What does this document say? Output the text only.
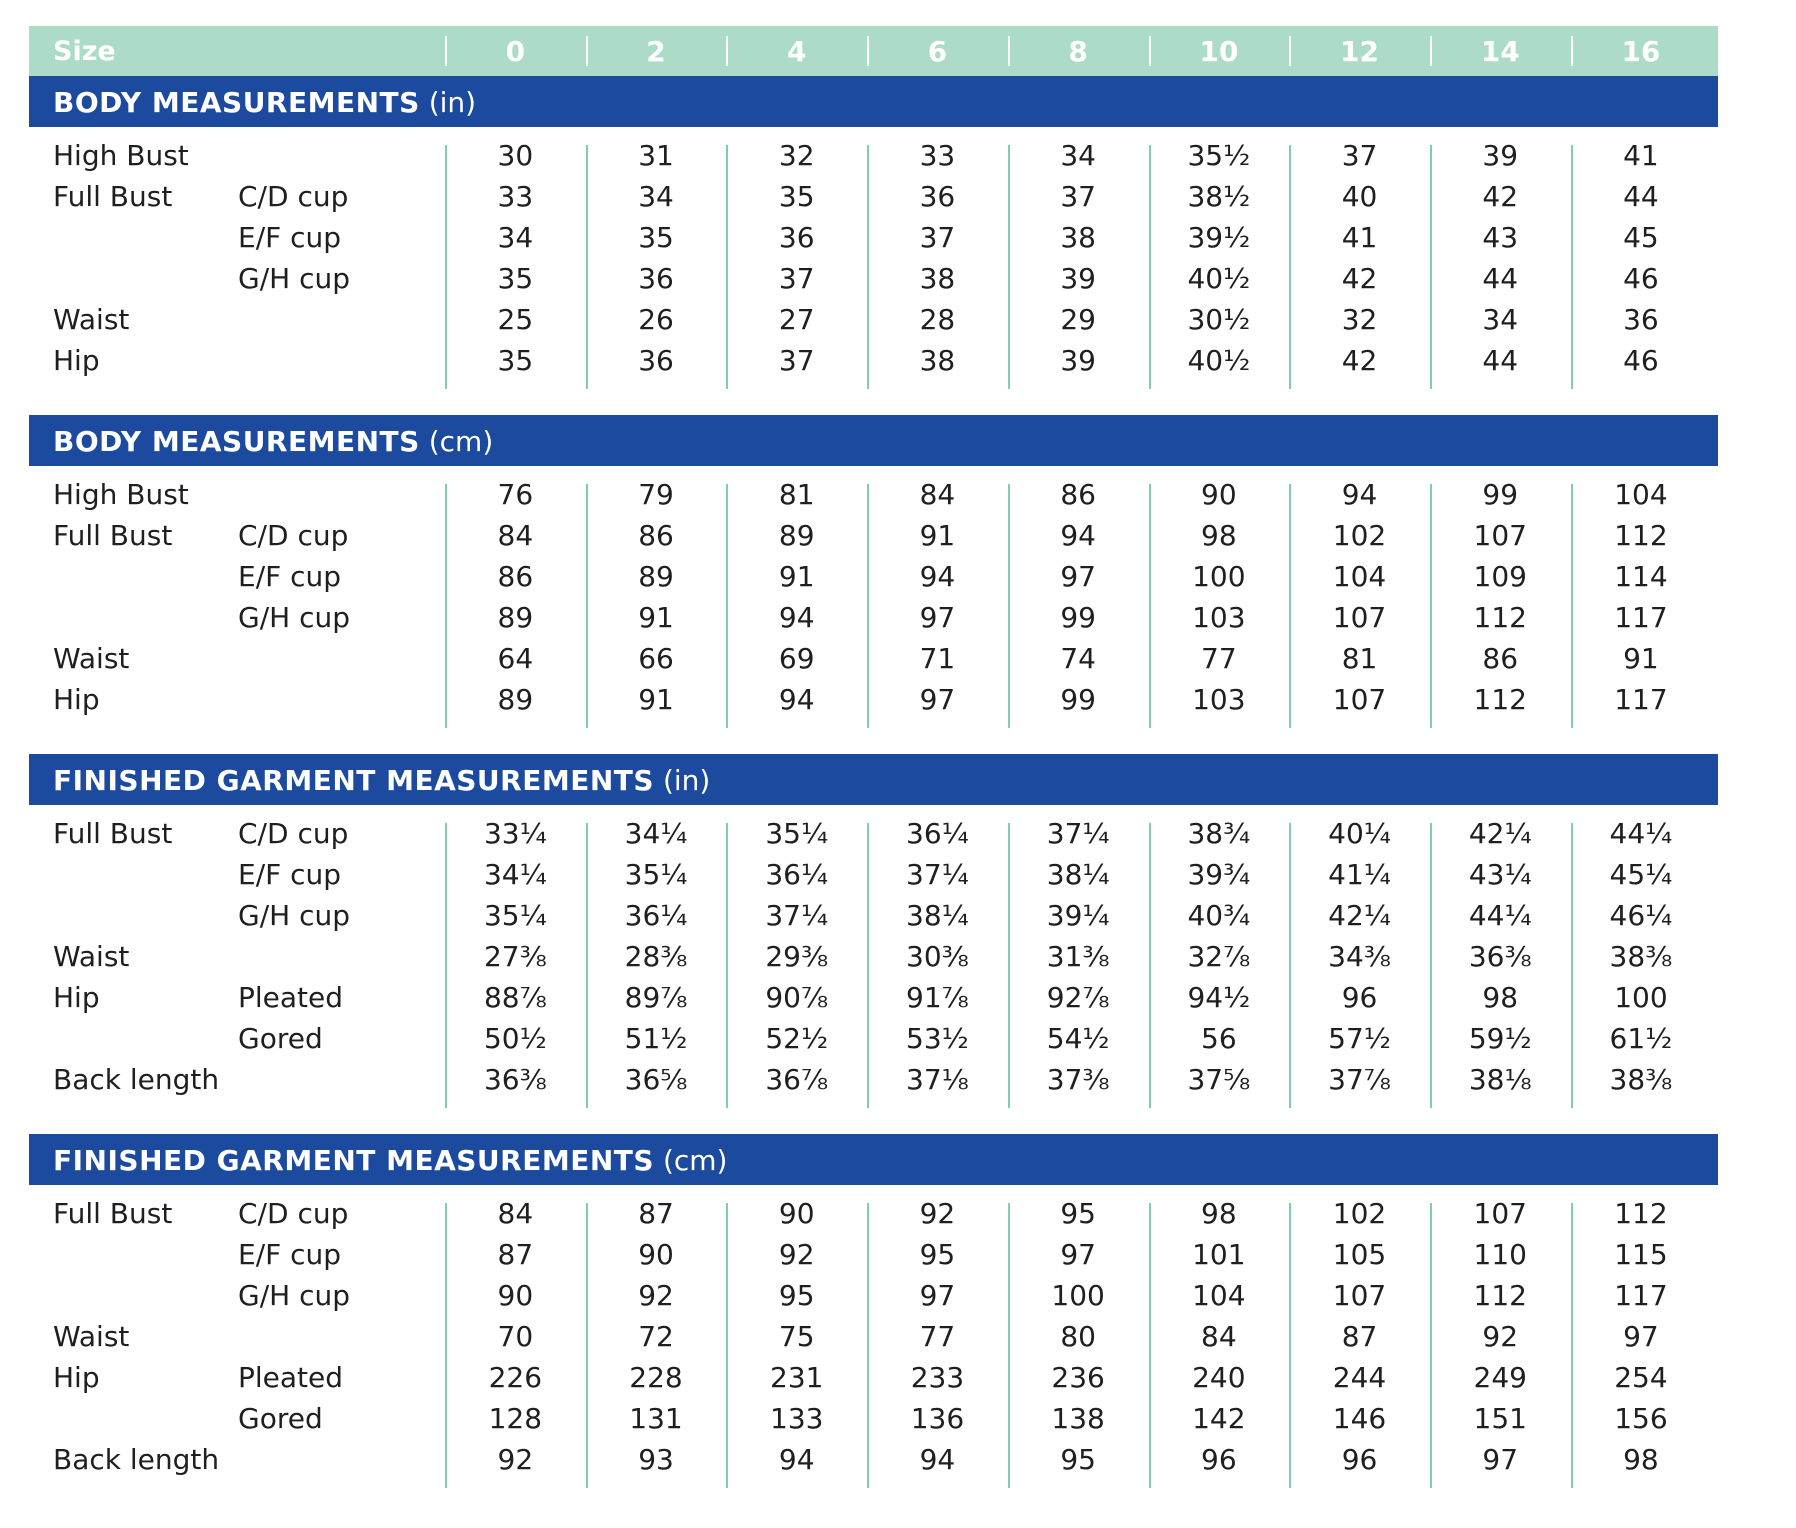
Size	0	2	4	6	8	10	12	14	16
BODY MEASUREMENTS (in)
High Bust	30	31	32	33	34	35½	37	39	41
Full Bust C/D cup	33	34	35	36	37	38½	40	42	44
E/F cup	34	35	36	37	38	39½	41	43	45
G/H cup	35	36	37	38	39	40½	42	44	46
Waist	25	26	27	28	29	30½	32	34	36
Hip	35	36	37	38	39	40½	42	44	46
BODY MEASUREMENTS (cm)
High Bust	76	79	81	84	86	90	94	99	104
Full Bust C/D cup	84	86	89	91	94	98	102	107	112
E/F cup	86	89	91	94	97	100	104	109	114
G/H cup	89	91	94	97	99	103	107	112	117
Waist	64	66	69	71	74	77	81	86	91
Hip	89	91	94	97	99	103	107	112	117
FINISHED GARMENT MEASUREMENTS (in)
Full Bust C/D cup	33¼	34¼	35¼	36¼	37¼	38¾	40¼	42¼	44¼
E/F cup	34¼	35¼	36¼	37¼	38¼	39¾	41¼	43¼	45¼
G/H cup	35¼	36¼	37¼	38¼	39¼	40¾	42¼	44¼	46¼
Waist	27⅜	28⅜	29⅜	30⅜	31⅜	32⅞	34⅜	36⅜	38⅜
Hip	Pleated	88⅞	89⅞	90⅞	91⅞	92⅞	94½	96	98	100
Gored	50½	51½	52½	53½	54½	56	57½	59½	61½
Back length	36⅜	36⅝	36⅞	37⅛	37⅜	37⅝	37⅞	38⅛	38⅜
FINISHED GARMENT MEASUREMENTS (cm)
Full Bust C/D cup	84	87	90	92	95	98	102	107	112
E/F cup	87	90	92	95	97	101	105	110	115
G/H cup	90	92	95	97	100	104	107	112	117
Waist	70	72	75	77	80	84	87	92	97
Hip	Pleated	226	228	231	233	236	240	244	249	254
Gored	128	131	133	136	138	142	146	151	156
Back length	92	93	94	94	95	96	96	97	98
